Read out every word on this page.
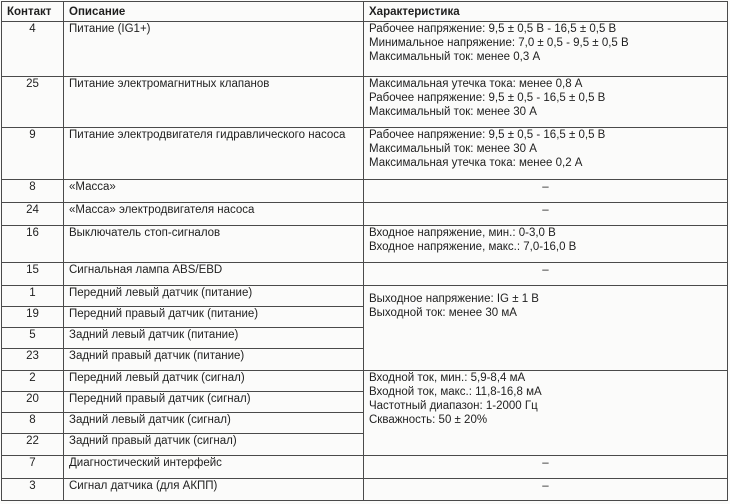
Контакт	Описание	Характеристика
4	Питание (IG1+)	Рабочее напряжение: 9,5 ± 0,5 В - 16,5 ± 0,5 В
Минимальное напряжение: 7,0 ± 0,5 - 9,5 ± 0,5 В
Максимальный ток: менее 0,3 А

25	Питание электромагнитных клапанов	Максимальная утечка тока: менее 0,8 А
Рабочее напряжение: 9,5 ± 0,5 - 16,5 ± 0,5 В
Максимальный ток: менее 30 А

9	Питание электродвигателя гидравлического насоса	Рабочее напряжение: 9,5 ± 0,5 - 16,5 ± 0,5 В
Максимальный ток: менее 30 А
Максимальная утечка тока: менее 0,2 А

8	«Масса»	–
24	«Масса» электродвигателя насоса	–
16	Выключатель стоп-сигналов	Входное напряжение, мин.: 0-3,0 В
Входное напряжение, макс.: 7,0-16,0 В

15	Сигнальная лампа ABS/EBD	–
1	Передний левый датчик (питание)	Выходное напряжение: IG ± 1 В
Выходной ток: менее 30 мА

19	Передний правый датчик (питание)	
5	Задний левый датчик (питание)	
23	Задний правый датчик (питание)	
2	Передний левый датчик (сигнал)	Входной ток, мин.: 5,9-8,4 мА
Входной ток, макс.: 11,8-16,8 мА
Частотный диапазон: 1-2000 Гц
Скважность: 50 ± 20%

20	Передний правый датчик (сигнал)	
8	Задний левый датчик (сигнал)	
22	Задний правый датчик (сигнал)	
7	Диагностический интерфейс	–
3	Сигнал датчика (для АКПП)	–
